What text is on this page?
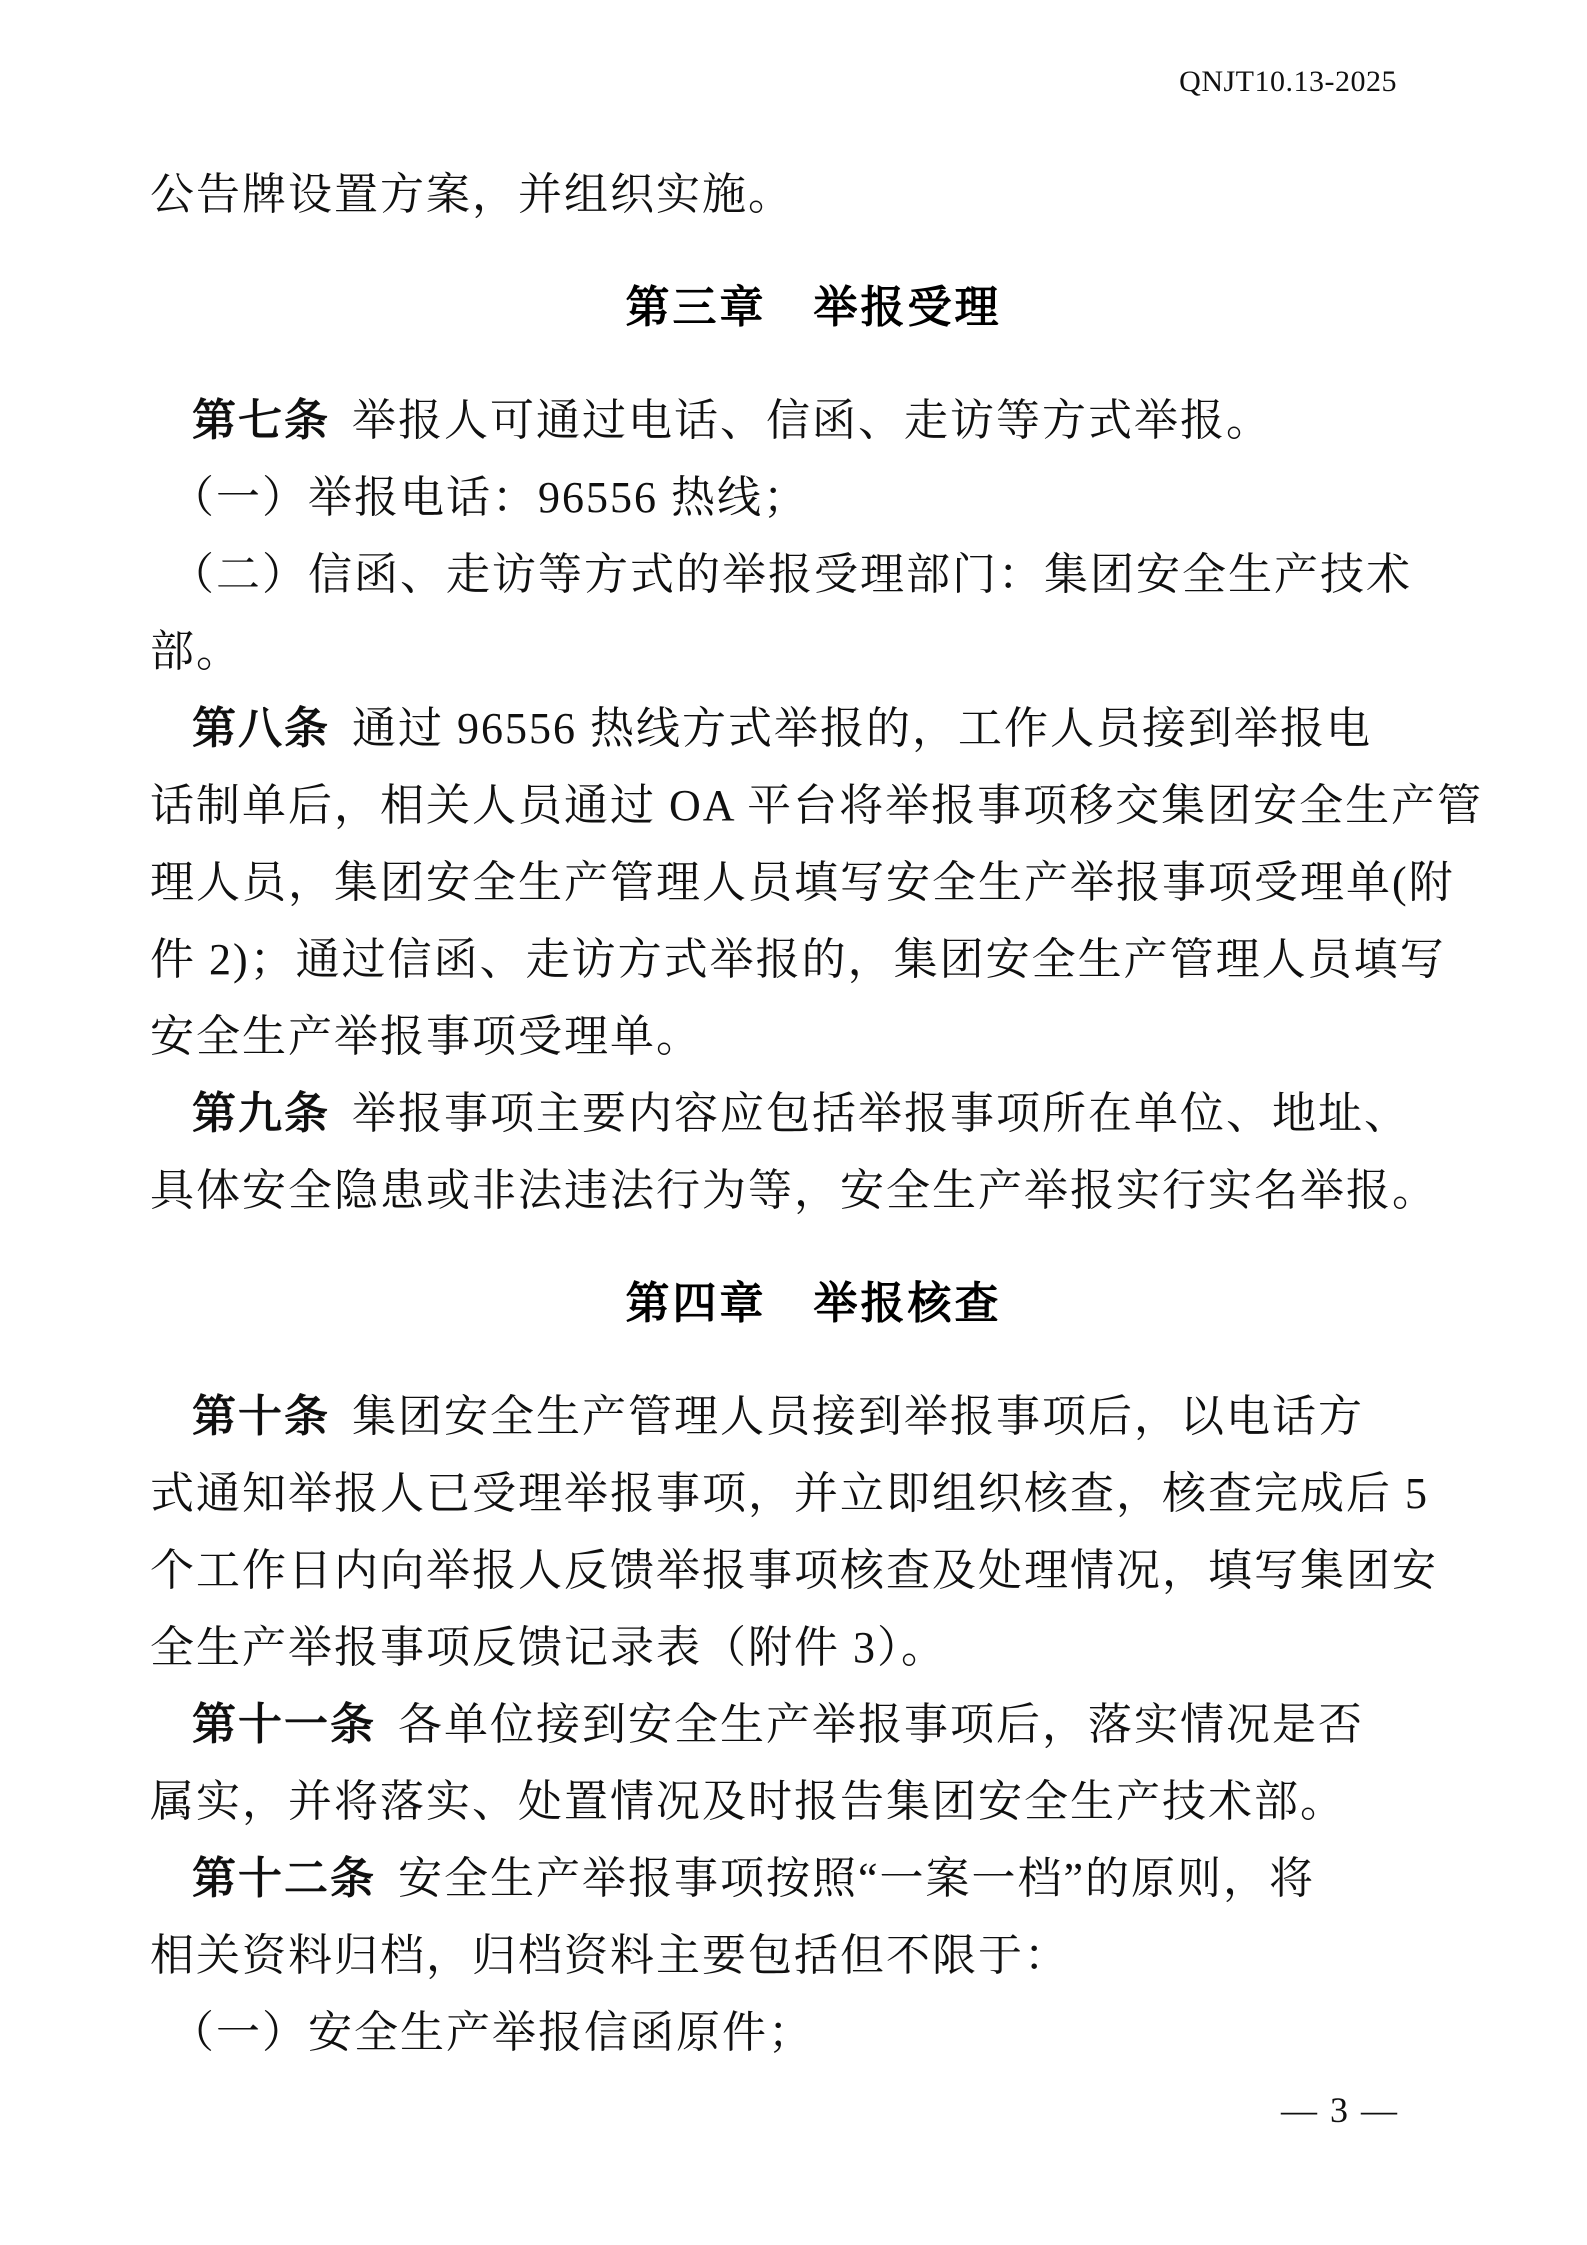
QNJT10.13-2025
公告牌设置方案，并组织实施。
第三章　举报受理
第七条 举报人可通过电话、信函、走访等方式举报。
（一）举报电话：96556 热线；
（二）信函、走访等方式的举报受理部门：集团安全生产技术
部。
第八条 通过 96556 热线方式举报的，工作人员接到举报电
话制单后，相关人员通过 OA 平台将举报事项移交集团安全生产管
理人员，集团安全生产管理人员填写安全生产举报事项受理单(附
件 2)；通过信函、走访方式举报的，集团安全生产管理人员填写
安全生产举报事项受理单。
第九条 举报事项主要内容应包括举报事项所在单位、地址、
具体安全隐患或非法违法行为等，安全生产举报实行实名举报。
第四章　举报核查
第十条 集团安全生产管理人员接到举报事项后，以电话方
式通知举报人已受理举报事项，并立即组织核查，核查完成后 5
个工作日内向举报人反馈举报事项核查及处理情况，填写集团安
全生产举报事项反馈记录表（附件 3）。
第十一条 各单位接到安全生产举报事项后，落实情况是否
属实，并将落实、处置情况及时报告集团安全生产技术部。
第十二条 安全生产举报事项按照“一案一档”的原则，将
相关资料归档，归档资料主要包括但不限于：
（一）安全生产举报信函原件；
— 3 —
